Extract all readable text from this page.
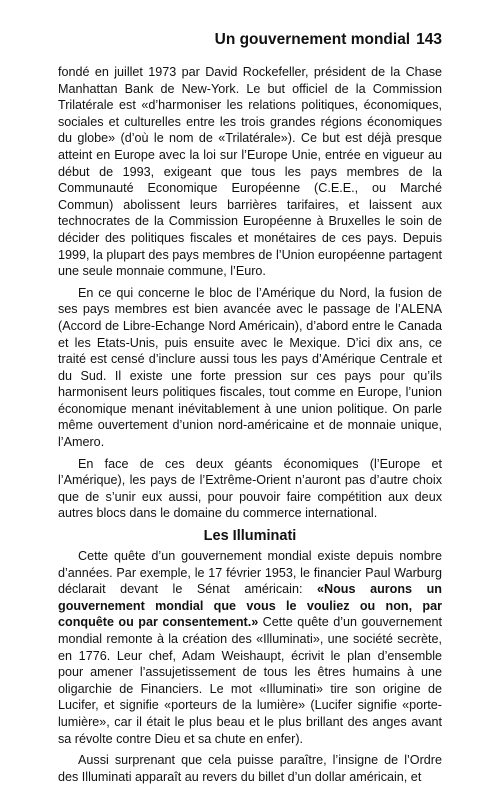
Un gouvernement mondial 143

fondé en juillet 1973 par David Rockefeller, président de la Chase Manhattan Bank de New-York. Le but officiel de la Commission Trilatérale est «d’harmoniser les relations politiques, économiques, sociales et culturelles entre les trois grandes régions économiques du globe» (d’où le nom de «Trilatérale»). Ce but est déjà presque atteint en Europe avec la loi sur l’Europe Unie, entrée en vigueur au début de 1993, exigeant que tous les pays membres de la Communauté Economique Européenne (C.E.E., ou Marché Commun) abolissent leurs barrières tarifaires, et laissent aux technocrates de la Commission Européenne à Bruxelles le soin de décider des politiques fiscales et monétaires de ces pays. Depuis 1999, la plupart des pays membres de l’Union européenne partagent une seule monnaie commune, l’Euro.

En ce qui concerne le bloc de l’Amérique du Nord, la fusion de ses pays membres est bien avancée avec le passage de l’ALENA (Accord de Libre-Echange Nord Américain), d’abord entre le Canada et les Etats-Unis, puis ensuite avec le Mexique. D’ici dix ans, ce traité est censé d’inclure aussi tous les pays d’Amérique Centrale et du Sud. Il existe une forte pression sur ces pays pour qu’ils harmonisent leurs politiques fiscales, tout comme en Europe, l’union économique menant inévitablement à une union politique. On parle même ouvertement d’union nord-américaine et de monnaie unique, l’Amero.

En face de ces deux géants économiques (l’Europe et l’Amérique), les pays de l’Extrême-Orient n’auront pas d’autre choix que de s’unir eux aussi, pour pouvoir faire compétition aux deux autres blocs dans le domaine du commerce international.

Les Illuminati

Cette quête d’un gouvernement mondial existe depuis nombre d’années. Par exemple, le 17 février 1953, le financier Paul Warburg déclarait devant le Sénat américain: «Nous aurons un gouvernement mondial que vous le vouliez ou non, par conquête ou par consentement.» Cette quête d’un gouvernement mondial remonte à la création des «Illuminati», une société secrète, en 1776. Leur chef, Adam Weishaupt, écrivit le plan d’ensemble pour amener l’assujetissement de tous les êtres humains à une oligarchie de Financiers. Le mot «Illuminati» tire son origine de Lucifer, et signifie «porteurs de la lumière» (Lucifer signifie «porte-lumière», car il était le plus beau et le plus brillant des anges avant sa révolte contre Dieu et sa chute en enfer).

Aussi surprenant que cela puisse paraître, l’insigne de l’Ordre des Illuminati apparaît au revers du billet d’un dollar américain, et
